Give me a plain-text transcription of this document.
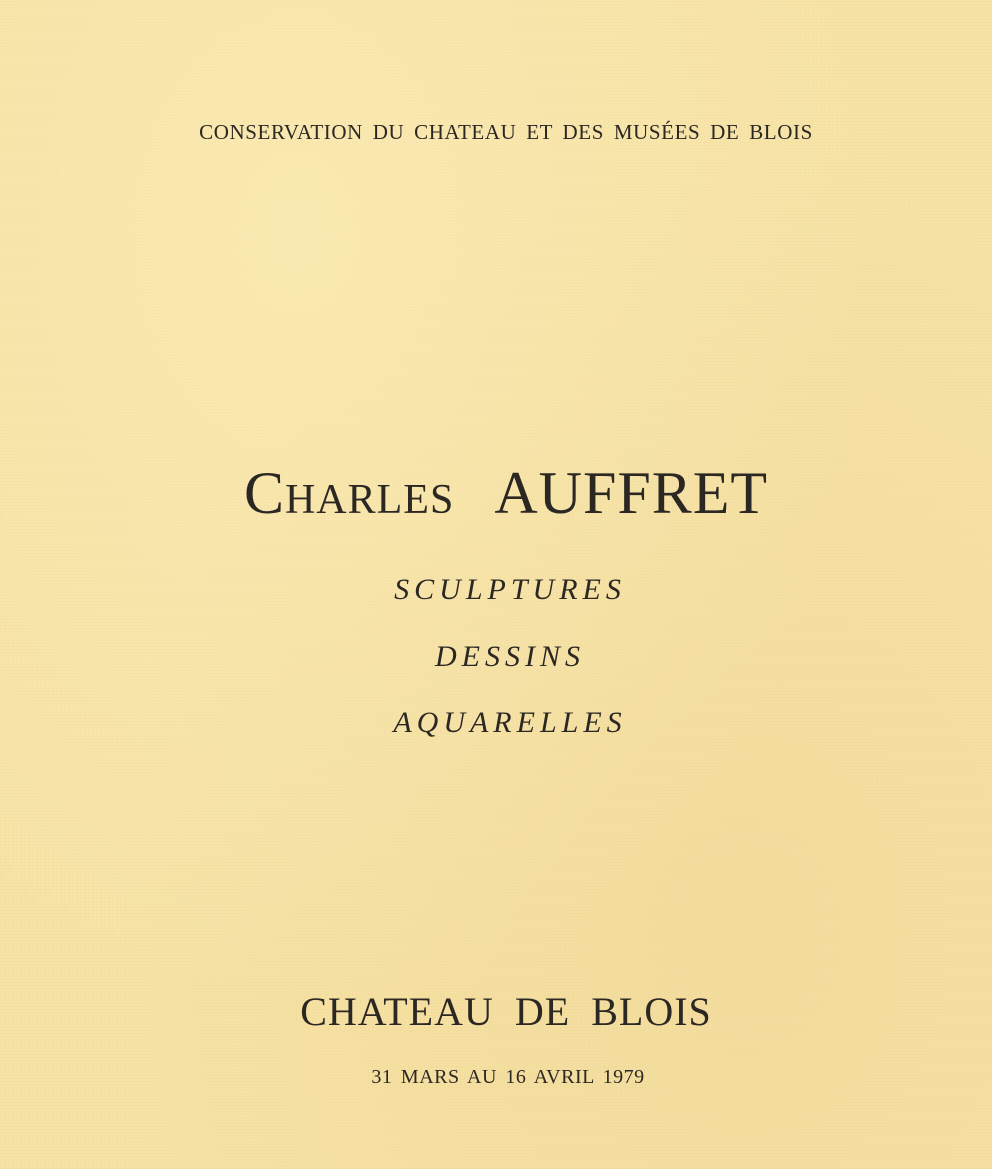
CONSERVATION DU CHATEAU ET DES MUSÉES DE BLOIS

Charles AUFFRET

SCULPTURES

DESSINS

AQUARELLES

CHATEAU DE BLOIS

31 MARS AU 16 AVRIL 1979
